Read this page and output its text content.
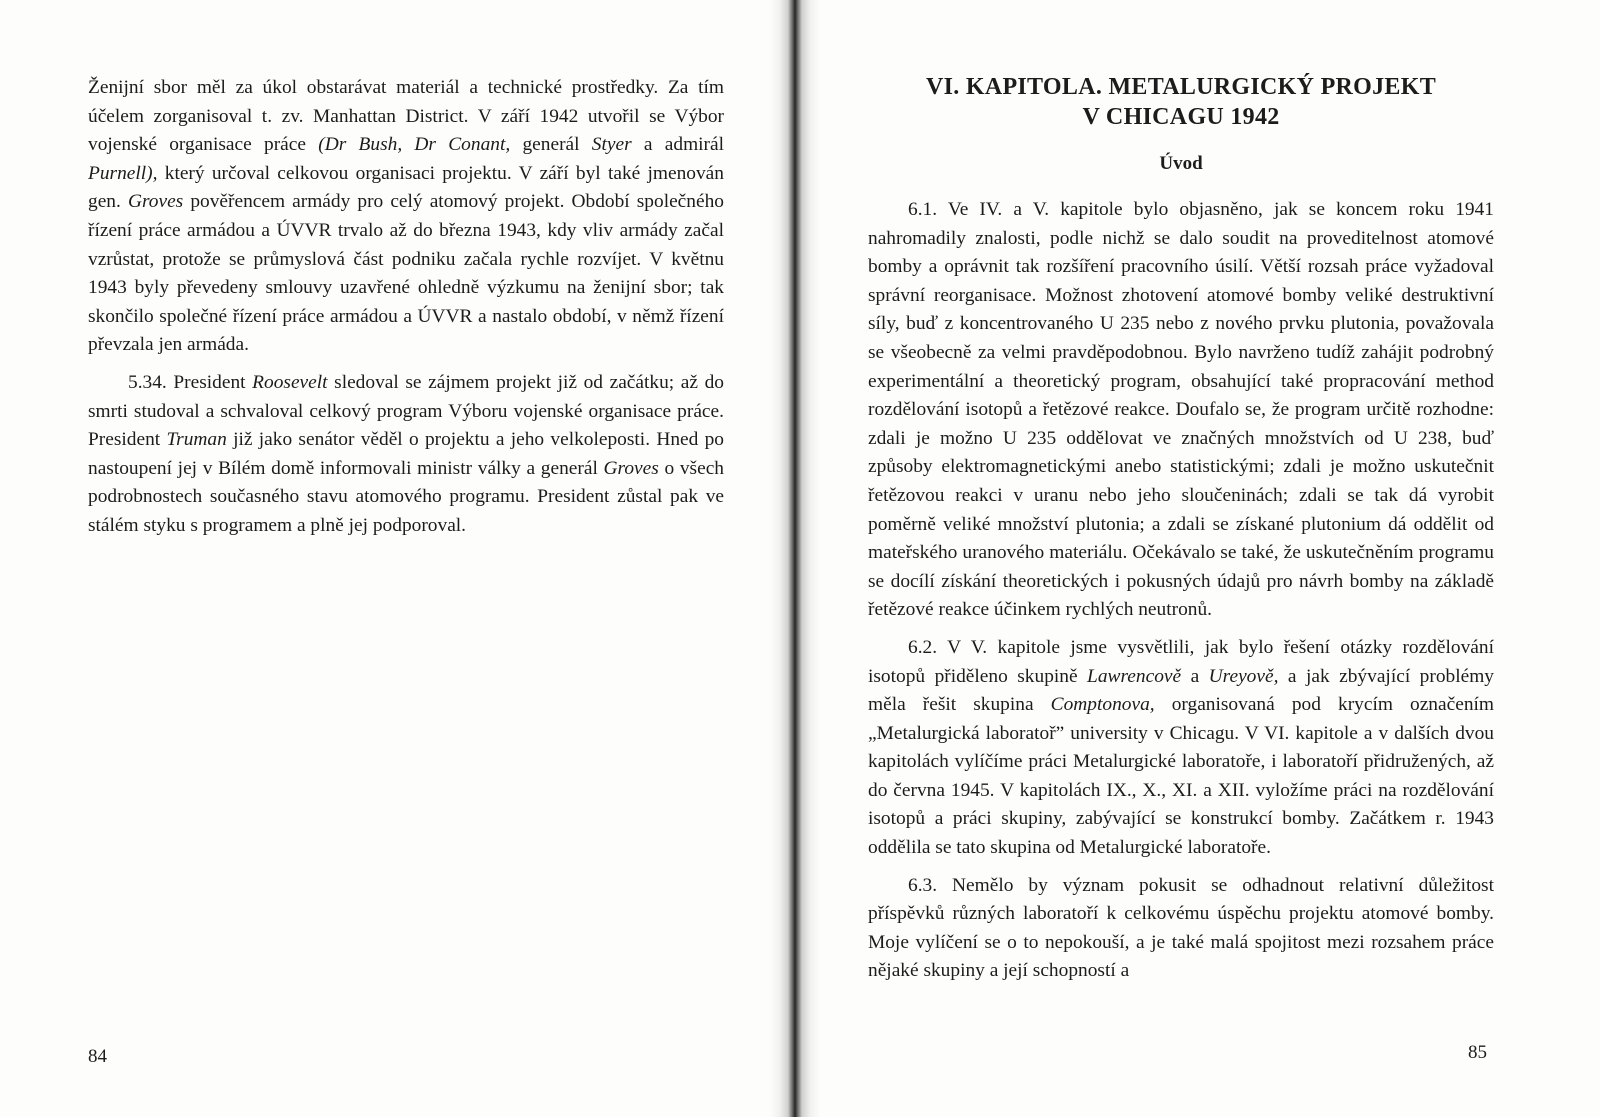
Ženijní sbor měl za úkol obstarávat materiál a technické prostředky. Za tím účelem zorganisoval t. zv. Manhattan District. V září 1942 utvořil se Výbor vojenské organisace práce (Dr Bush, Dr Conant, generál Styer a admirál Purnell), který určoval celkovou organisaci projektu. V září byl také jmenován gen. Groves pověřencem armády pro celý atomový projekt. Období společného řízení práce armádou a ÚVVR trvalo až do března 1943, kdy vliv armády začal vzrůstat, protože se průmyslová část podniku začala rychle rozvíjet. V květnu 1943 byly převedeny smlouvy uzavřené ohledně výzkumu na ženijní sbor; tak skončilo společné řízení práce armádou a ÚVVR a nastalo období, v němž řízení převzala jen armáda.

5.34. President Roosevelt sledoval se zájmem projekt již od začátku; až do smrti studoval a schvaloval celkový program Výboru vojenské organisace práce. President Truman již jako senátor věděl o projektu a jeho velkoleposti. Hned po nastoupení jej v Bílém domě informovali ministr války a generál Groves o všech podrobnostech současného stavu atomového programu. President zůstal pak ve stálém styku s programem a plně jej podporoval.

84
VI. KAPITOLA. METALURGICKÝ PROJEKT
V CHICAGU 1942
Úvod

6.1. Ve IV. a V. kapitole bylo objasněno, jak se koncem roku 1941 nahromadily znalosti, podle nichž se dalo soudit na proveditelnost atomové bomby a oprávnit tak rozšíření pracovního úsilí. Větší rozsah práce vyžadoval správní reorganisace. Možnost zhotovení atomové bomby veliké destruktivní síly, buď z koncentrovaného U 235 nebo z nového prvku plutonia, považovala se všeobecně za velmi pravděpodobnou. Bylo navrženo tudíž zahájit podrobný experimentální a theoretický program, obsahující také propracování method rozdělování isotopů a řetězové reakce. Doufalo se, že program určitě rozhodne: zdali je možno U 235 oddělovat ve značných množstvích od U 238, buď způsoby elektromagnetickými anebo statistickými; zdali je možno uskutečnit řetězovou reakci v uranu nebo jeho sloučeninách; zdali se tak dá vyrobit poměrně veliké množství plutonia; a zdali se získané plutonium dá oddělit od mateřského uranového materiálu. Očekávalo se také, že uskutečněním programu se docílí získání theoretických i pokusných údajů pro návrh bomby na základě řetězové reakce účinkem rychlých neutronů.

6.2. V V. kapitole jsme vysvětlili, jak bylo řešení otázky rozdělování isotopů přiděleno skupině Lawrencově a Ureyově, a jak zbývající problémy měla řešit skupina Comptonova, organisovaná pod krycím označením „Metalurgická laboratoř” university v Chicagu. V VI. kapitole a v dalších dvou kapitolách vylíčíme práci Metalurgické laboratoře, i laboratoří přidružených, až do června 1945. V kapitolách IX., X., XI. a XII. vyložíme práci na rozdělování isotopů a práci skupiny, zabývající se konstrukcí bomby. Začátkem r. 1943 oddělila se tato skupina od Metalurgické laboratoře.

6.3. Nemělo by význam pokusit se odhadnout relativní důležitost příspěvků různých laboratoří k celkovému úspěchu projektu atomové bomby. Moje vylíčení se o to nepokouší, a je také malá spojitost mezi rozsahem práce nějaké skupiny a její schopností a

85
